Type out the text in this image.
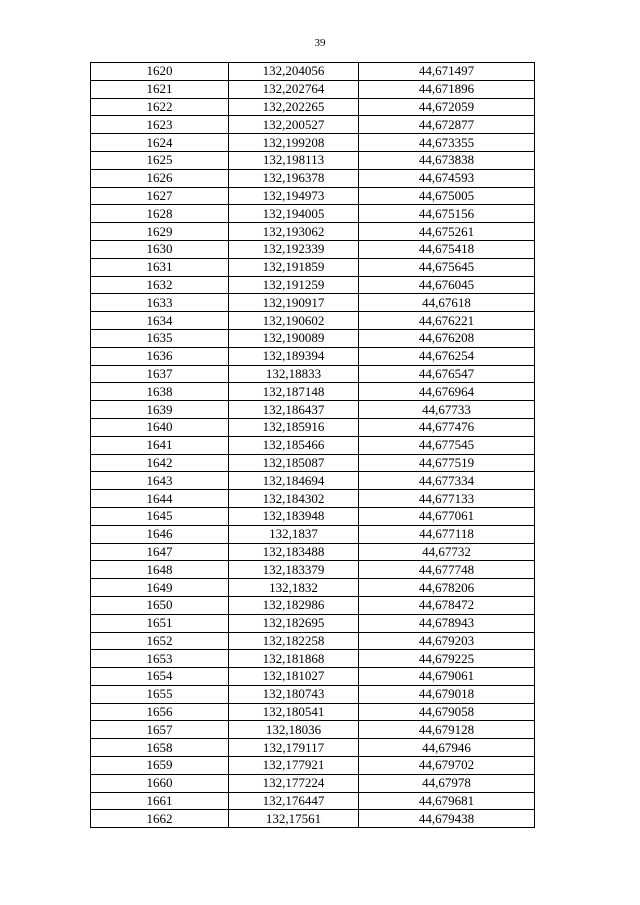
39
1620	132,204056	44,671497
1621	132,202764	44,671896
1622	132,202265	44,672059
1623	132,200527	44,672877
1624	132,199208	44,673355
1625	132,198113	44,673838
1626	132,196378	44,674593
1627	132,194973	44,675005
1628	132,194005	44,675156
1629	132,193062	44,675261
1630	132,192339	44,675418
1631	132,191859	44,675645
1632	132,191259	44,676045
1633	132,190917	44,67618
1634	132,190602	44,676221
1635	132,190089	44,676208
1636	132,189394	44,676254
1637	132,18833	44,676547
1638	132,187148	44,676964
1639	132,186437	44,67733
1640	132,185916	44,677476
1641	132,185466	44,677545
1642	132,185087	44,677519
1643	132,184694	44,677334
1644	132,184302	44,677133
1645	132,183948	44,677061
1646	132,1837	44,677118
1647	132,183488	44,67732
1648	132,183379	44,677748
1649	132,1832	44,678206
1650	132,182986	44,678472
1651	132,182695	44,678943
1652	132,182258	44,679203
1653	132,181868	44,679225
1654	132,181027	44,679061
1655	132,180743	44,679018
1656	132,180541	44,679058
1657	132,18036	44,679128
1658	132,179117	44,67946
1659	132,177921	44,679702
1660	132,177224	44,67978
1661	132,176447	44,679681
1662	132,17561	44,679438
